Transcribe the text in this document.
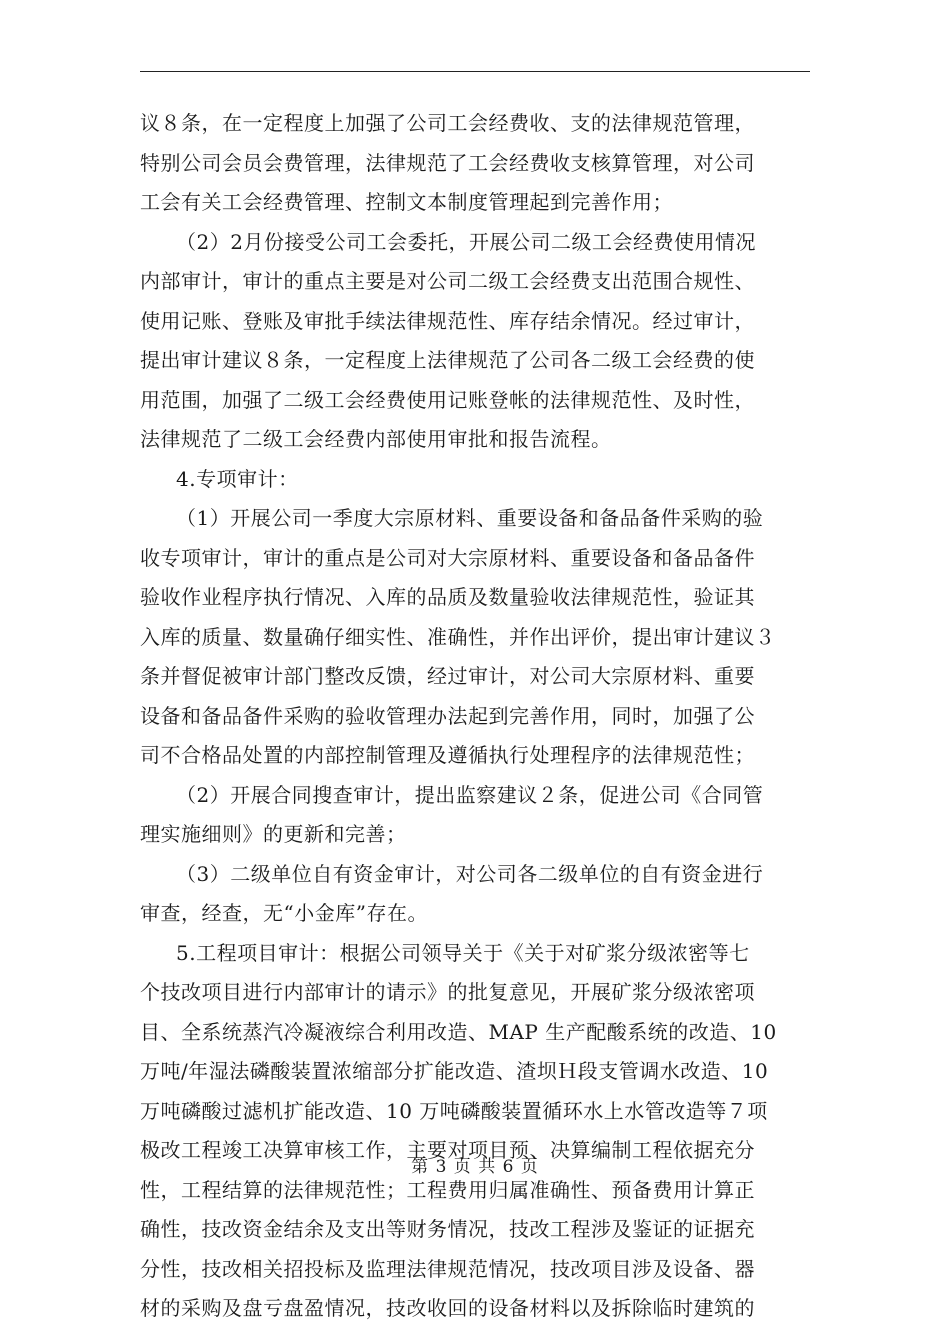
议８条，在一定程度上加强了公司工会经费收、支的法律规范管理，
特别公司会员会费管理，法律规范了工会经费收支核算管理，对公司
工会有关工会经费管理、控制文本制度管理起到完善作用；
（2）2月份接受公司工会委托，开展公司二级工会经费使用情况
内部审计，审计的重点主要是对公司二级工会经费支出范围合规性、
使用记账、登账及审批手续法律规范性、库存结余情况。经过审计，
提出审计建议８条，一定程度上法律规范了公司各二级工会经费的使
用范围，加强了二级工会经费使用记账登帐的法律规范性、及时性，
法律规范了二级工会经费内部使用审批和报告流程。
4.专项审计：
（1）开展公司一季度大宗原材料、重要设备和备品备件采购的验
收专项审计，审计的重点是公司对大宗原材料、重要设备和备品备件
验收作业程序执行情况、入库的品质及数量验收法律规范性，验证其
入库的质量、数量确仔细实性、准确性，并作出评价，提出审计建议３
条并督促被审计部门整改反馈，经过审计，对公司大宗原材料、重要
设备和备品备件采购的验收管理办法起到完善作用，同时，加强了公
司不合格品处置的内部控制管理及遵循执行处理程序的法律规范性；
（2）开展合同搜查审计，提出监察建议２条，促进公司《合同管
理实施细则》的更新和完善；
（3）二级单位自有资金审计，对公司各二级单位的自有资金进行
审查，经查，无“小金库”存在。
5.工程项目审计：根据公司领导关于《关于对矿浆分级浓密等七
个技改项目进行内部审计的请示》的批复意见，开展矿浆分级浓密项
目、全系统蒸汽冷凝液综合利用改造、MAP 生产配酸系统的改造、10
万吨/年湿法磷酸装置浓缩部分扩能改造、渣坝Ｈ段支管调水改造、10
万吨磷酸过滤机扩能改造、10 万吨磷酸装置循环水上水管改造等７项
极改工程竣工决算审核工作，主要对项目预、决算编制工程依据充分
性，工程结算的法律规范性；工程费用归属准确性、预备费用计算正
确性，技改资金结余及支出等财务情况，技改工程涉及鉴证的证据充
分性，技改相关招投标及监理法律规范情况，技改项目涉及设备、器
材的采购及盘亏盘盈情况，技改收回的设备材料以及拆除临时建筑的
第 3 页 共 6 页
